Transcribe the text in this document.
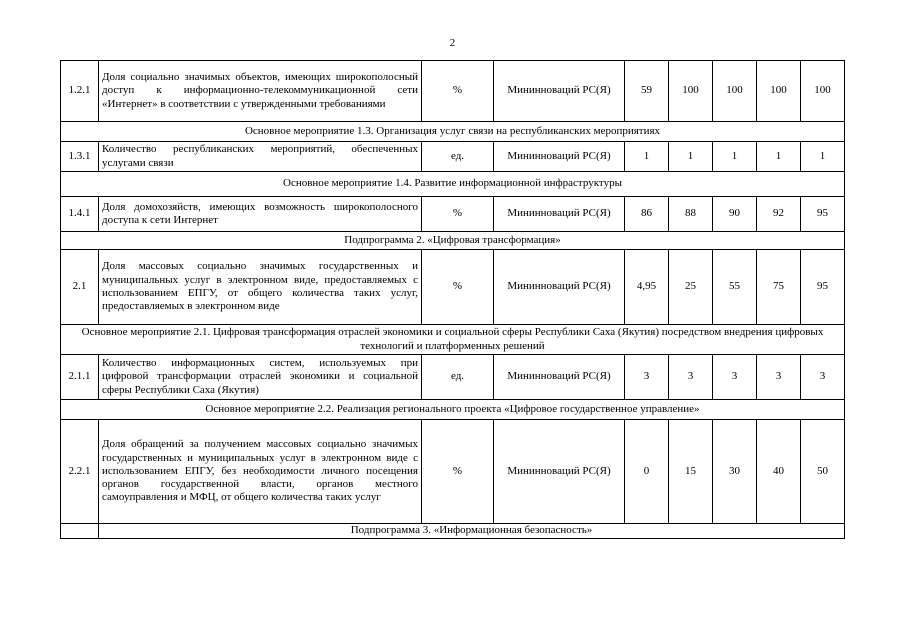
2
1.2.1	Доля социально значимых объектов, имеющих широкополосный доступ к информационно-телекоммуникационной сети «Интернет» в соответствии с утвержденными требованиями	%	Мининноваций РС(Я)	59	100	100	100	100
Основное мероприятие 1.3. Организация услуг связи на республиканских мероприятиях								
1.3.1	Количество республиканских мероприятий, обеспеченных услугами связи	ед.	Мининноваций РС(Я)	1	1	1	1	1
Основное мероприятие 1.4. Развитие информационной инфраструктуры								
1.4.1	Доля домохозяйств, имеющих возможность широкополосного доступа к сети Интернет	%	Мининноваций РС(Я)	86	88	90	92	95
Подпрограмма 2. «Цифровая трансформация»								
2.1	Доля массовых социально значимых государственных и муниципальных услуг в электронном виде, предоставляемых с использованием ЕПГУ, от общего количества таких услуг, предоставляемых в электронном виде	%	Мининноваций РС(Я)	4,95	25	55	75	95
Основное мероприятие 2.1. Цифровая трансформация отраслей экономики и социальной сферы Республики Саха (Якутия) посредством внедрения цифровых технологий и платформенных решений								
2.1.1	Количество информационных систем, используемых при цифровой трансформации отраслей экономики и социальной сферы Республики Саха (Якутия)	ед.	Мининноваций РС(Я)	3	3	3	3	3
Основное мероприятие 2.2. Реализация регионального проекта «Цифровое государственное управление»								
2.2.1	Доля обращений за получением массовых социально значимых государственных и муниципальных услуг в электронном виде с использованием ЕПГУ, без необходимости личного посещения органов государственной власти, органов местного самоуправления и МФЦ, от общего количества таких услуг	%	Мининноваций РС(Я)	0	15	30	40	50
	Подпрограмма 3. «Информационная безопасность»							
